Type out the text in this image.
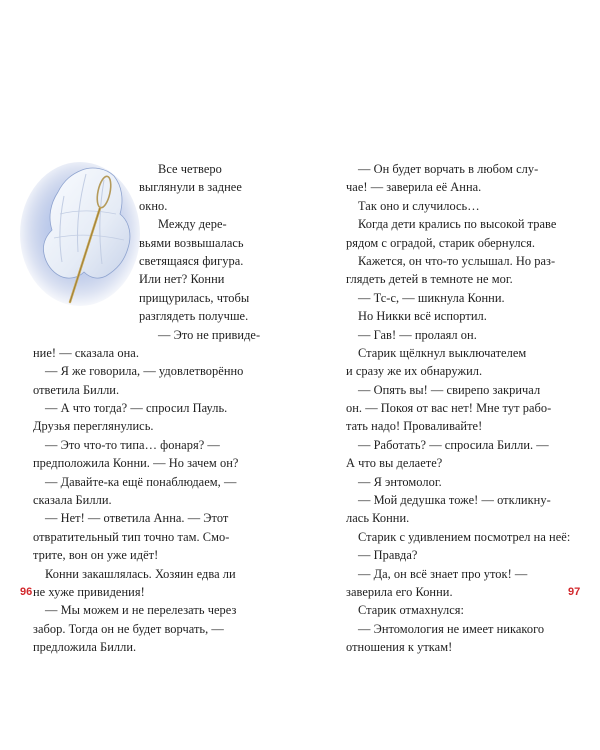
Все четверо
выглянули в заднее
окно.
Между дере-
вьями возвышалась
светящаяся фигура.
Или нет? Конни
прищурилась, чтобы
разглядеть получше.
— Это не привиде-
ние! — сказала она.
— Я же говорила, — удовлетворённо
ответила Билли.
— А что тогда? — спросил Пауль.
Друзья переглянулись.
— Это что-то типа… фонаря? —
предположила Конни. — Но зачем он?
— Давайте-ка ещё понаблюдаем, —
сказала Билли.
— Нет! — ответила Анна. — Этот
отвратительный тип точно там. Смо-
трите, вон он уже идёт!
Конни закашлялась. Хозяин едва ли
не хуже привидения!
— Мы можем и не перелезать через
забор. Тогда он не будет ворчать, —
предложила Билли.
96
— Он будет ворчать в любом слу-
чае! — заверила её Анна.
Так оно и случилось…
Когда дети крались по высокой траве
рядом с оградой, старик обернулся.
Кажется, он что-то услышал. Но раз-
глядеть детей в темноте не мог.
— Тс-с, — шикнула Конни.
Но Никки всё испортил.
— Гав! — пролаял он.
Старик щёлкнул выключателем
и сразу же их обнаружил.
— Опять вы! — свирепо закричал
он. — Покоя от вас нет! Мне тут рабо-
тать надо! Проваливайте!
— Работать? — спросила Билли. —
А что вы делаете?
— Я энтомолог.
— Мой дедушка тоже! — откликну-
лась Конни.
Старик с удивлением посмотрел на неё:
— Правда?
— Да, он всё знает про уток! —
заверила его Конни.
Старик отмахнулся:
— Энтомология не имеет никакого
отношения к уткам!
97
